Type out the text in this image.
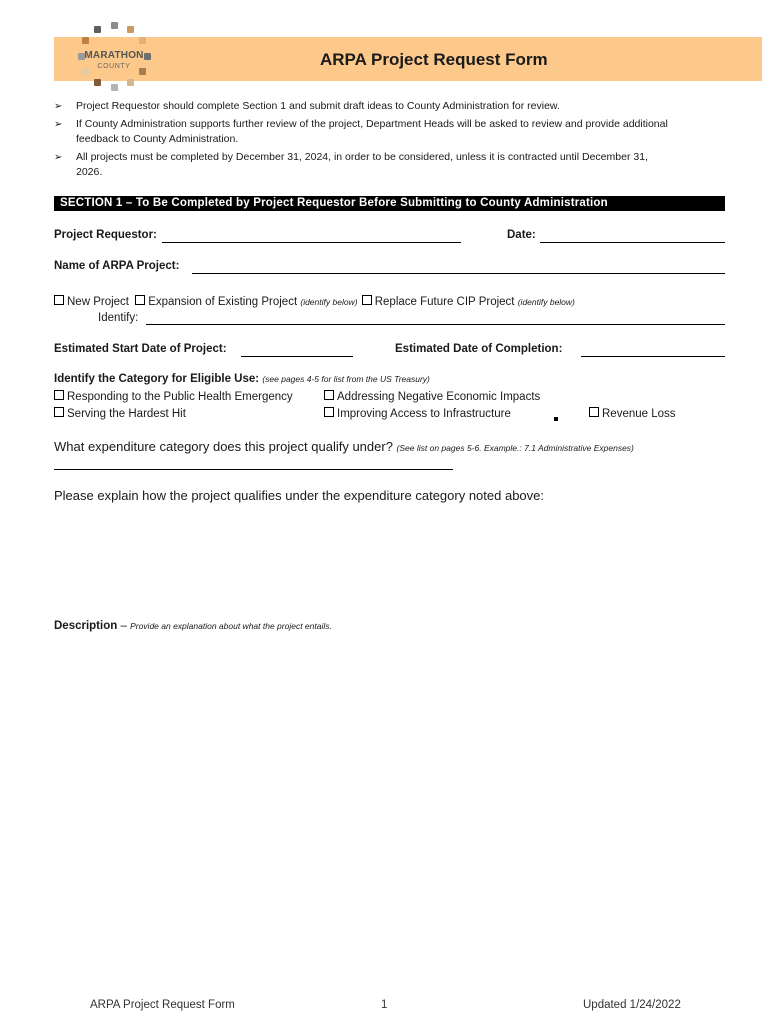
MARATHON
COUNTY	ARPA Project Request Form
➢ Project Requestor should complete Section 1 and submit draft ideas to County Administration for review.
➢ If County Administration supports further review of the project, Department Heads will be asked to review and provide additional
feedback to County Administration.
➢ All projects must be completed by December 31, 2024, in order to be considered, unless it is contracted until December 31,
2026.
SECTION 1 – To Be Completed by Project Requestor Before Submitting to County Administration
Project Requestor:	Date:
Name of ARPA Project:
New Project Expansion of Existing Project (identify below) Replace Future CIP Project (identify below)
Identify:
Estimated Start Date of Project:	Estimated Date of Completion:
Identify the Category for Eligible Use: (see pages 4-5 for list from the US Treasury)
Responding to the Public Health Emergency	Addressing Negative Economic Impacts
Serving the Hardest Hit	Improving Access to Infrastructure	Revenue Loss
What expenditure category does this project qualify under? (See list on pages 5-6. Example.: 7.1 Administrative Expenses)
Please explain how the project qualifies under the expenditure category noted above:
Description – Provide an explanation about what the project entails.
ARPA Project Request Form	1	Updated 1/24/2022
